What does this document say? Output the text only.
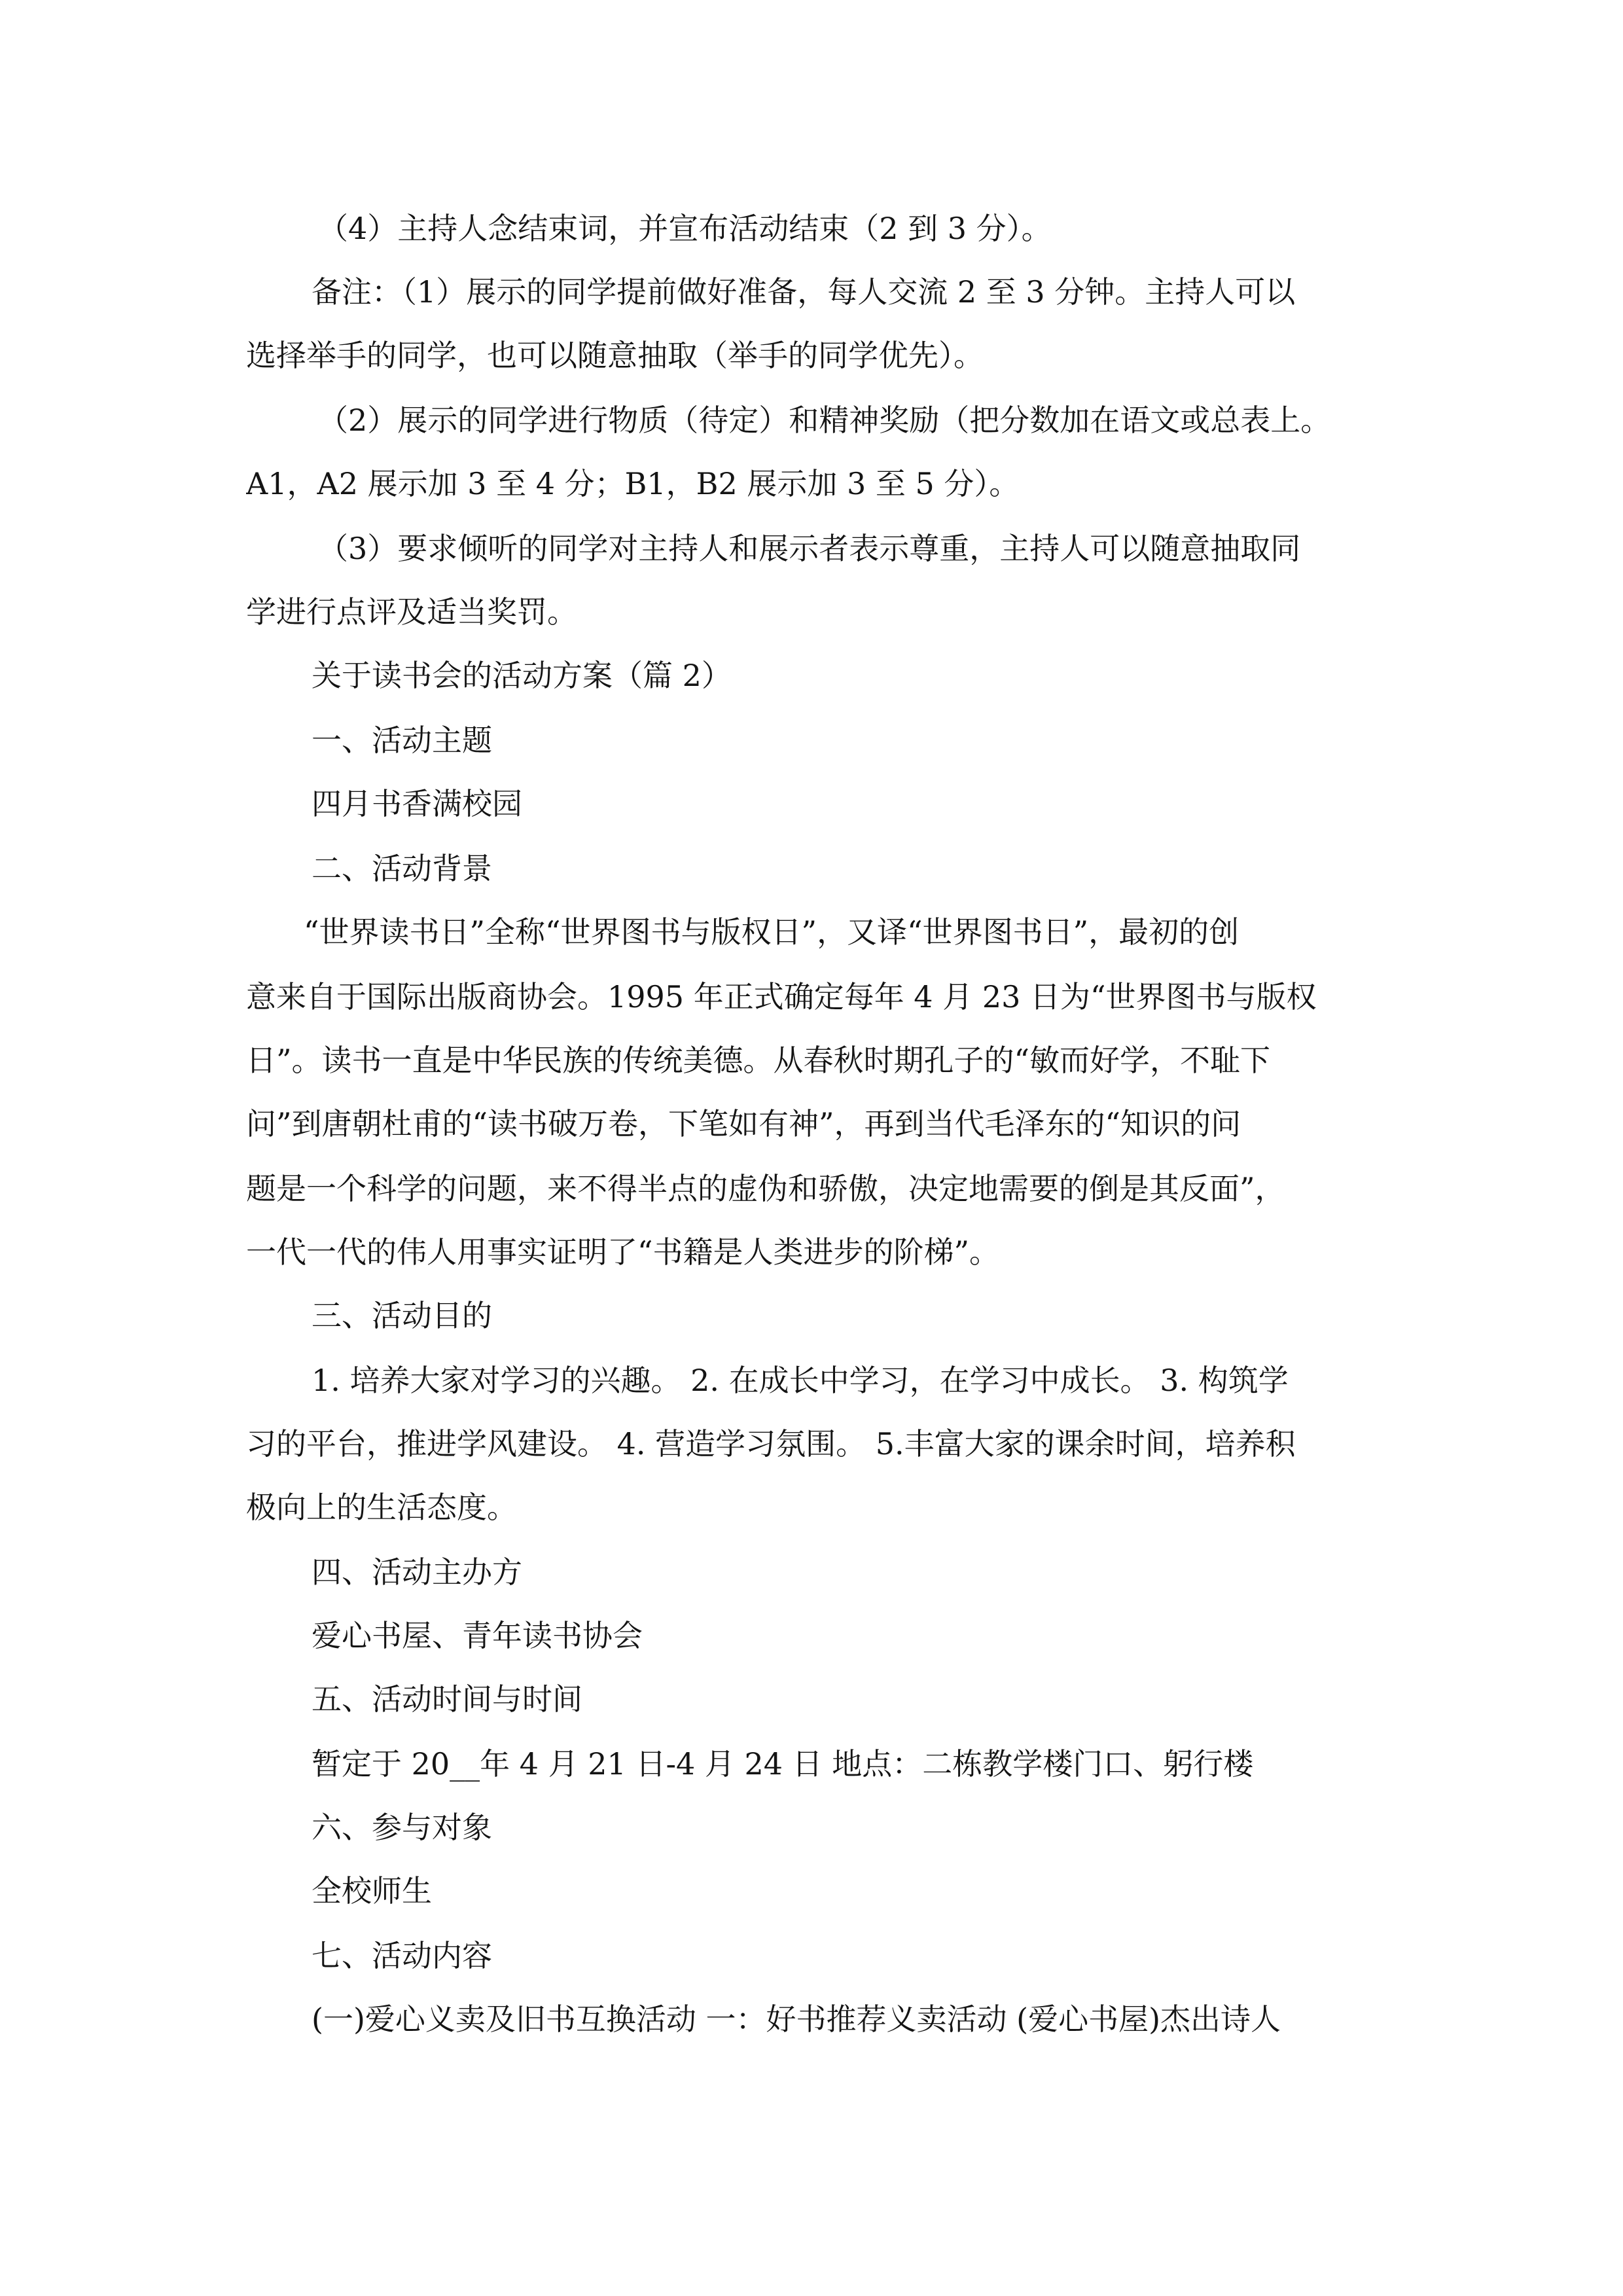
（4）主持人念结束词，并宣布活动结束（2 到 3 分）。
备注：（1）展示的同学提前做好准备，每人交流 2 至 3 分钟。主持人可以
选择举手的同学，也可以随意抽取（举手的同学优先）。
（2）展示的同学进行物质（待定）和精神奖励（把分数加在语文或总表上。
A1，A2 展示加 3 至 4 分；B1，B2 展示加 3 至 5 分）。
（3）要求倾听的同学对主持人和展示者表示尊重，主持人可以随意抽取同
学进行点评及适当奖罚。
关于读书会的活动方案（篇 2）
一、活动主题
四月书香满校园
二、活动背景
“世界读书日”全称“世界图书与版权日”，又译“世界图书日”，最初的创
意来自于国际出版商协会。1995 年正式确定每年 4 月 23 日为“世界图书与版权
日”。读书一直是中华民族的传统美德。从春秋时期孔子的“敏而好学，不耻下
问”到唐朝杜甫的“读书破万卷，下笔如有神”，再到当代毛泽东的“知识的问
题是一个科学的问题，来不得半点的虚伪和骄傲，决定地需要的倒是其反面”，
一代一代的伟人用事实证明了“书籍是人类进步的阶梯”。
三、活动目的
1. 培养大家对学习的兴趣。 2. 在成长中学习，在学习中成长。 3. 构筑学
习的平台，推进学风建设。 4. 营造学习氛围。 5.丰富大家的课余时间，培养积
极向上的生活态度。
四、活动主办方
爱心书屋、青年读书协会
五、活动时间与时间
暂定于 20__年 4 月 21 日-4 月 24 日 地点：二栋教学楼门口、躬行楼
六、参与对象
全校师生
七、活动内容
(一)爱心义卖及旧书互换活动 一：好书推荐义卖活动 (爱心书屋)杰出诗人
